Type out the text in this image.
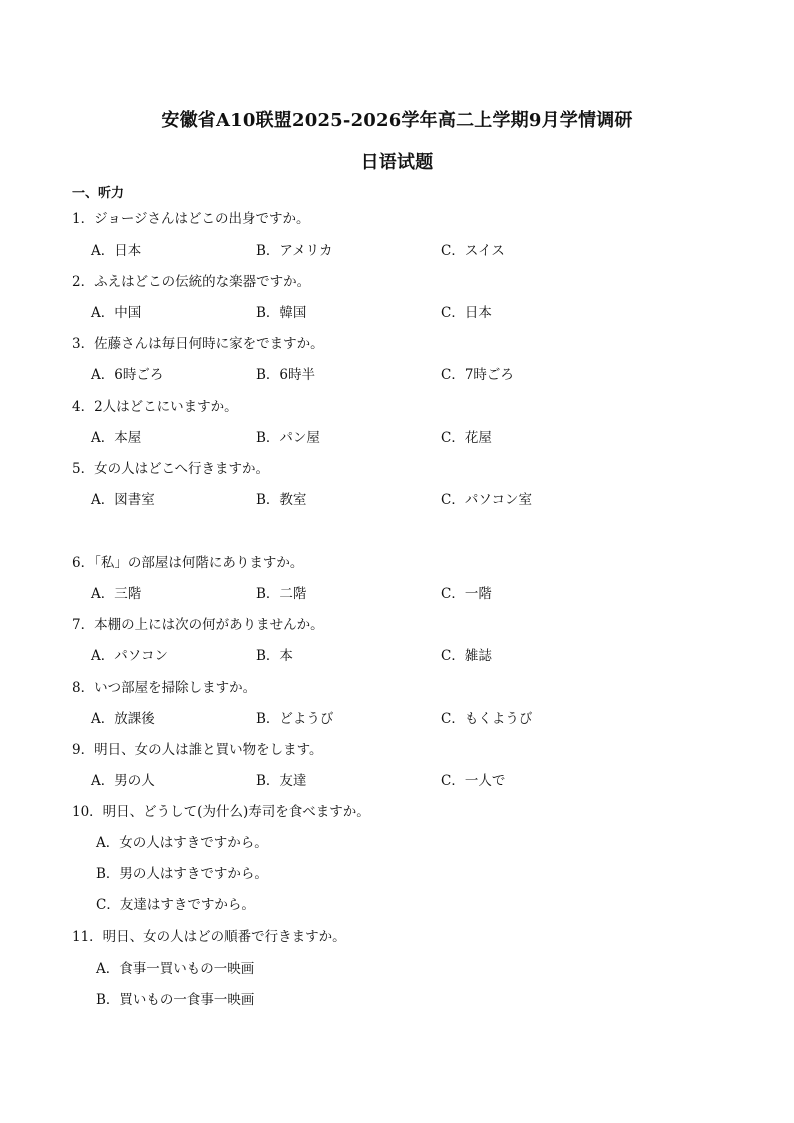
安徽省A10联盟2025-2026学年高二上学期9月学情调研
日语试题
一、听力
1．ジョージさんはどこの出身ですか。
A．日本	B．アメリカ	C．スイス
2．ふえはどこの伝統的な楽器ですか。
A．中国	B．韓国	C．日本
3．佐藤さんは毎日何時に家をでますか。
A．6時ごろ	B．6時半	C．7時ごろ
4．2人はどこにいますか。
A．本屋	B．パン屋	C．花屋
5．女の人はどこへ行きますか。
A．図書室	B．教室	C．パソコン室
6．「私」の部屋は何階にありますか。
A．三階	B．二階	C．一階
7．本棚の上には次の何がありませんか。
A．パソコン	B．本	C．雑誌
8．いつ部屋を掃除しますか。
A．放課後	B．どようび	C．もくようび
9．明日、女の人は誰と買い物をします。
A．男の人	B．友達	C．一人で
10．明日、どうして(为什么)寿司を食べますか。
A．女の人はすきですから。
B．男の人はすきですから。
C．友達はすきですから。
11．明日、女の人はどの順番で行きますか。
A．食事一買いもの一映画
B．買いもの一食事一映画
